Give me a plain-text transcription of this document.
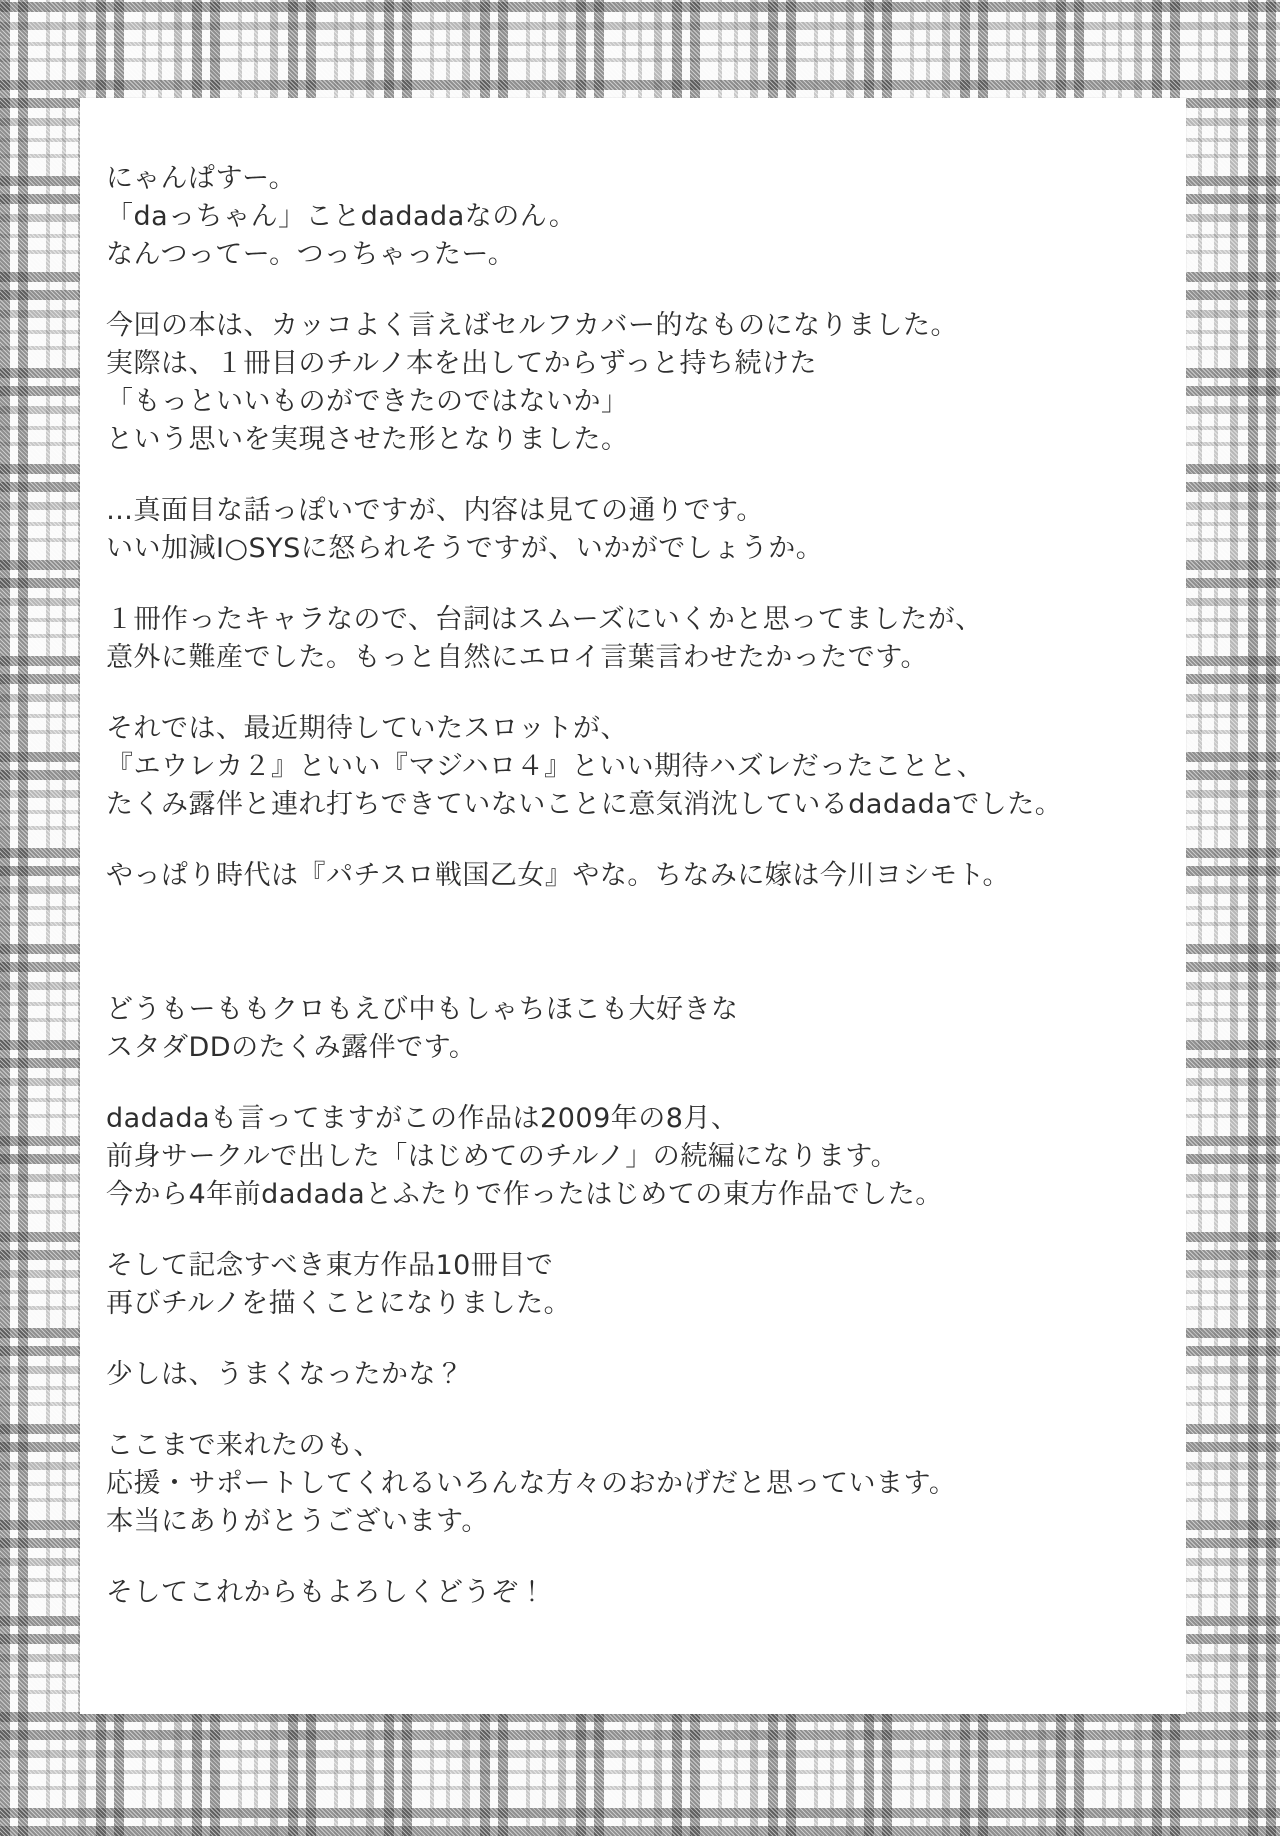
にゃんぱすー。
「daっちゃん」ことdadadaなのん。
なんつってー。つっちゃったー。

今回の本は、カッコよく言えばセルフカバー的なものになりました。
実際は、１冊目のチルノ本を出してからずっと持ち続けた
「もっといいものができたのではないか」
という思いを実現させた形となりました。

…真面目な話っぽいですが、内容は見ての通りです。
いい加減I○SYSに怒られそうですが、いかがでしょうか。

１冊作ったキャラなので、台詞はスムーズにいくかと思ってましたが、
意外に難産でした。もっと自然にエロイ言葉言わせたかったです。

それでは、最近期待していたスロットが、
『エウレカ２』といい『マジハロ４』といい期待ハズレだったことと、
たくみ露伴と連れ打ちできていないことに意気消沈しているdadadaでした。

やっぱり時代は『パチスロ戦国乙女』やな。ちなみに嫁は今川ヨシモト。

どうもーももクロもえび中もしゃちほこも大好きな
スタダDDのたくみ露伴です。

dadadaも言ってますがこの作品は2009年の8月、
前身サークルで出した「はじめてのチルノ」の続編になります。
今から4年前dadadaとふたりで作ったはじめての東方作品でした。

そして記念すべき東方作品10冊目で
再びチルノを描くことになりました。

少しは、うまくなったかな？

ここまで来れたのも、
応援・サポートしてくれるいろんな方々のおかげだと思っています。
本当にありがとうございます。

そしてこれからもよろしくどうぞ！
